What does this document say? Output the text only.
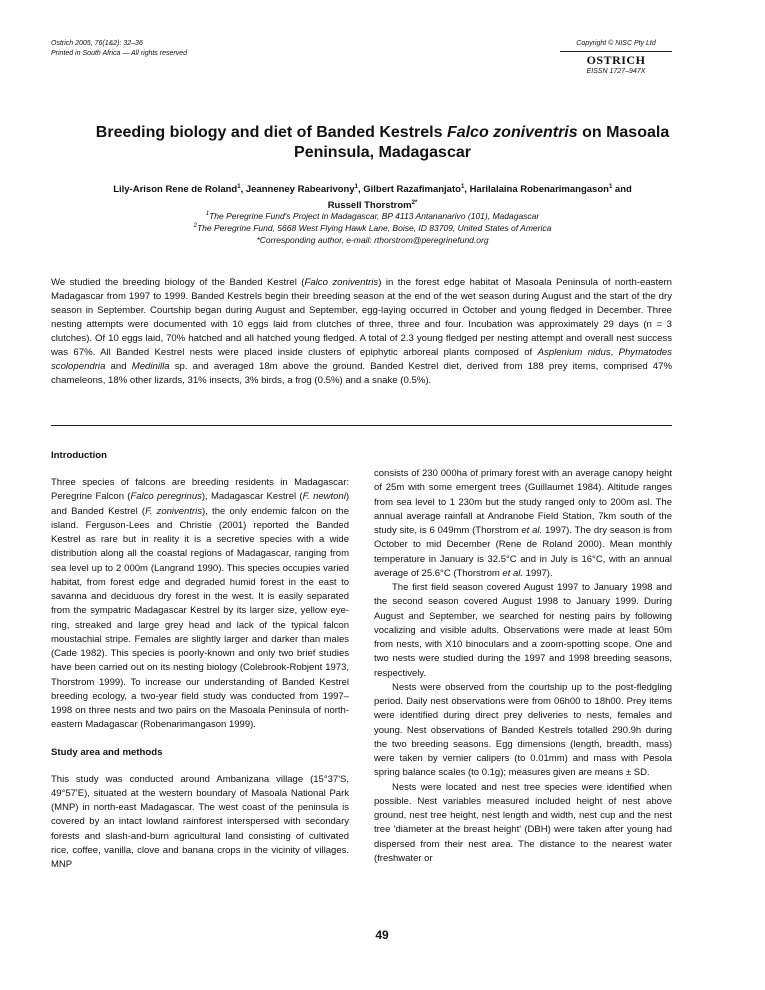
Ostrich 2005, 76(1&2): 32–36
Printed in South Africa — All rights reserved
Copyright © NISC Pty Ltd
OSTRICH
EISSN 1727–947X
Breeding biology and diet of Banded Kestrels Falco zoniventris on Masoala Peninsula, Madagascar
Lily-Arison Rene de Roland$^1$, Jeanneney Rabearivony$^1$, Gilbert Razafimanjato$^1$, Harilalaina Robenarimangason$^1$ and
Russell Thorstrom$^{2*}$
$^1$The Peregrine Fund's Project in Madagascar, BP 4113 Antananarivo (101), Madagascar
$^2$The Peregrine Fund, 5668 West Flying Hawk Lane, Boise, ID 83709, United States of America
*Corresponding author, e-mail: rthorstrom@peregrinefund.org
We studied the breeding biology of the Banded Kestrel (Falco zoniventris) in the forest edge habitat of Masoala Peninsula of north-eastern Madagascar from 1997 to 1999. Banded Kestrels begin their breeding season at the end of the wet season during August and the start of the dry season in September. Courtship began during August and September, egg-laying occurred in October and young fledged in December. Three nesting attempts were documented with 10 eggs laid from clutches of three, three and four. Incubation was approximately 29 days (n = 3 clutches). Of 10 eggs laid, 70% hatched and all hatched young fledged. A total of 2.3 young fledged per nesting attempt and overall nest success was 67%. All Banded Kestrel nests were placed inside clusters of epiphytic arboreal plants composed of Asplenium nidus, Phymatodes scolopendria and Medinilla sp. and averaged 18m above the ground. Banded Kestrel diet, derived from 188 prey items, comprised 47% chameleons, 18% other lizards, 31% insects, 3% birds, a frog (0.5%) and a snake (0.5%).
Introduction

Three species of falcons are breeding residents in Madagascar: Peregrine Falcon (Falco peregrinus), Madagascar Kestrel (F. newtoni) and Banded Kestrel (F. zoniventris), the only endemic falcon on the island. Ferguson-Lees and Christie (2001) reported the Banded Kestrel as rare but in reality it is a secretive species with a wide distribution along all the coastal regions of Madagascar, ranging from sea level up to 2 000m (Langrand 1990). This species occupies varied habitat, from forest edge and degraded humid forest in the east to savanna and deciduous dry forest in the west. It is easily separated from the sympatric Madagascar Kestrel by its larger size, yellow eye-ring, streaked and large grey head and lack of the typical falcon moustachial stripe. Females are slightly larger and darker than males (Cade 1982). This species is poorly-known and only two brief studies have been carried out on its nesting biology (Colebrook-Robjent 1973, Thorstrom 1999). To increase our understanding of Banded Kestrel breeding ecology, a two-year field study was conducted from 1997–1998 on three nests and two pairs on the Masoala Peninsula of north-eastern Madagascar (Robenarimangason 1999).

Study area and methods

This study was conducted around Ambanizana village (15°37'S, 49°57'E), situated at the western boundary of Masoala National Park (MNP) in north-east Madagascar. The west coast of the peninsula is covered by an intact lowland rainforest interspersed with secondary forests and slash-and-burn agricultural land consisting of cultivated rice, coffee, vanilla, clove and banana crops in the vicinity of villages. MNP

consists of 230 000ha of primary forest with an average canopy height of 25m with some emergent trees (Guillaumet 1984). Altitude ranges from sea level to 1 230m but the study ranged only to 200m asl. The annual average rainfall at Andranobe Field Station, 7km south of the study site, is 6 049mm (Thorstrom et al. 1997). The dry season is from October to mid December (Rene de Roland 2000). Mean monthly temperature in January is 32.5°C and in July is 16°C, with an annual average of 25.6°C (Thorstrom et al. 1997).

The first field season covered August 1997 to January 1998 and the second season covered August 1998 to January 1999. During August and September, we searched for nesting pairs by following vocalizing and visible adults. Observations were made at least 50m from nests, with X10 binoculars and a zoom-spotting scope. One and two nests were studied during the 1997 and 1998 breeding seasons, respectively.

Nests were observed from the courtship up to the post-fledgling period. Daily nest observations were from 06h00 to 18h00. Prey items were identified during direct prey deliveries to nests, females and young. Nest observations of Banded Kestrels totalled 290.9h during the two breeding seasons. Egg dimensions (length, breadth, mass) were taken by vernier calipers (to 0.01mm) and mass with Pesola spring balance scales (to 0.1g); measures given are means ± SD.

Nests were located and nest tree species were identified when possible. Nest variables measured included height of nest above ground, nest tree height, nest length and width, nest cup and the nest tree 'diameter at the breast height' (DBH) were taken after young had dispersed from their nest area. The distance to the nearest water (freshwater or

49
